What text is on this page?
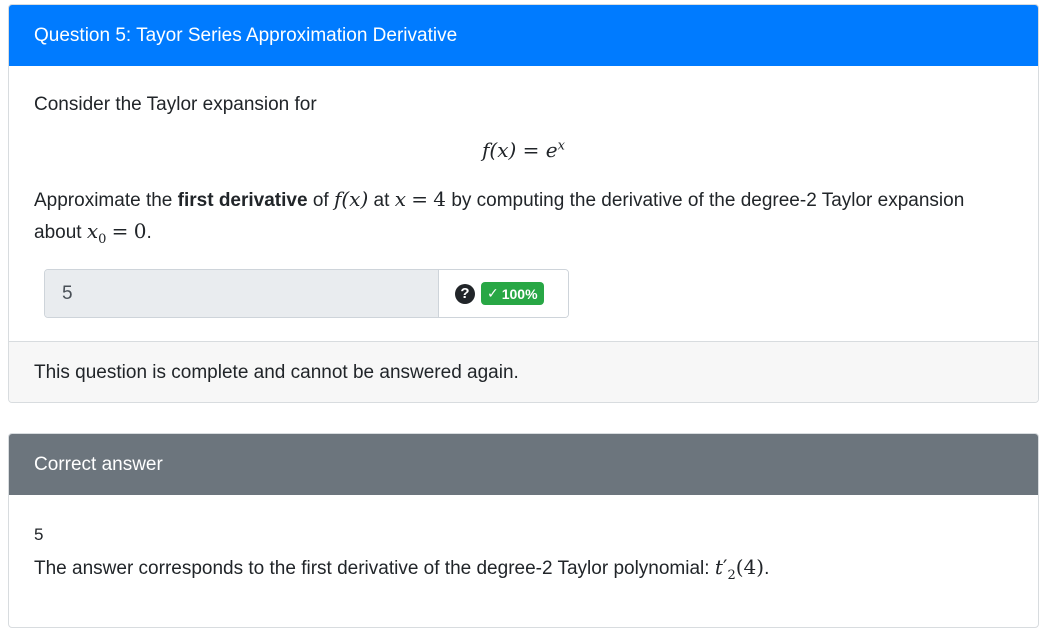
Question 5: Tayor Series Approximation Derivative
Consider the Taylor expansion for
$f(x) = e^x$
Approximate the first derivative of f(x) at x = 4 by computing the derivative of the degree-2 Taylor expansion about $x_0 = 0$.
5	?	✓ 100%
This question is complete and cannot be answered again.
Correct answer
5
The answer corresponds to the first derivative of the degree-2 Taylor polynomial: $t'_2(4)$.
